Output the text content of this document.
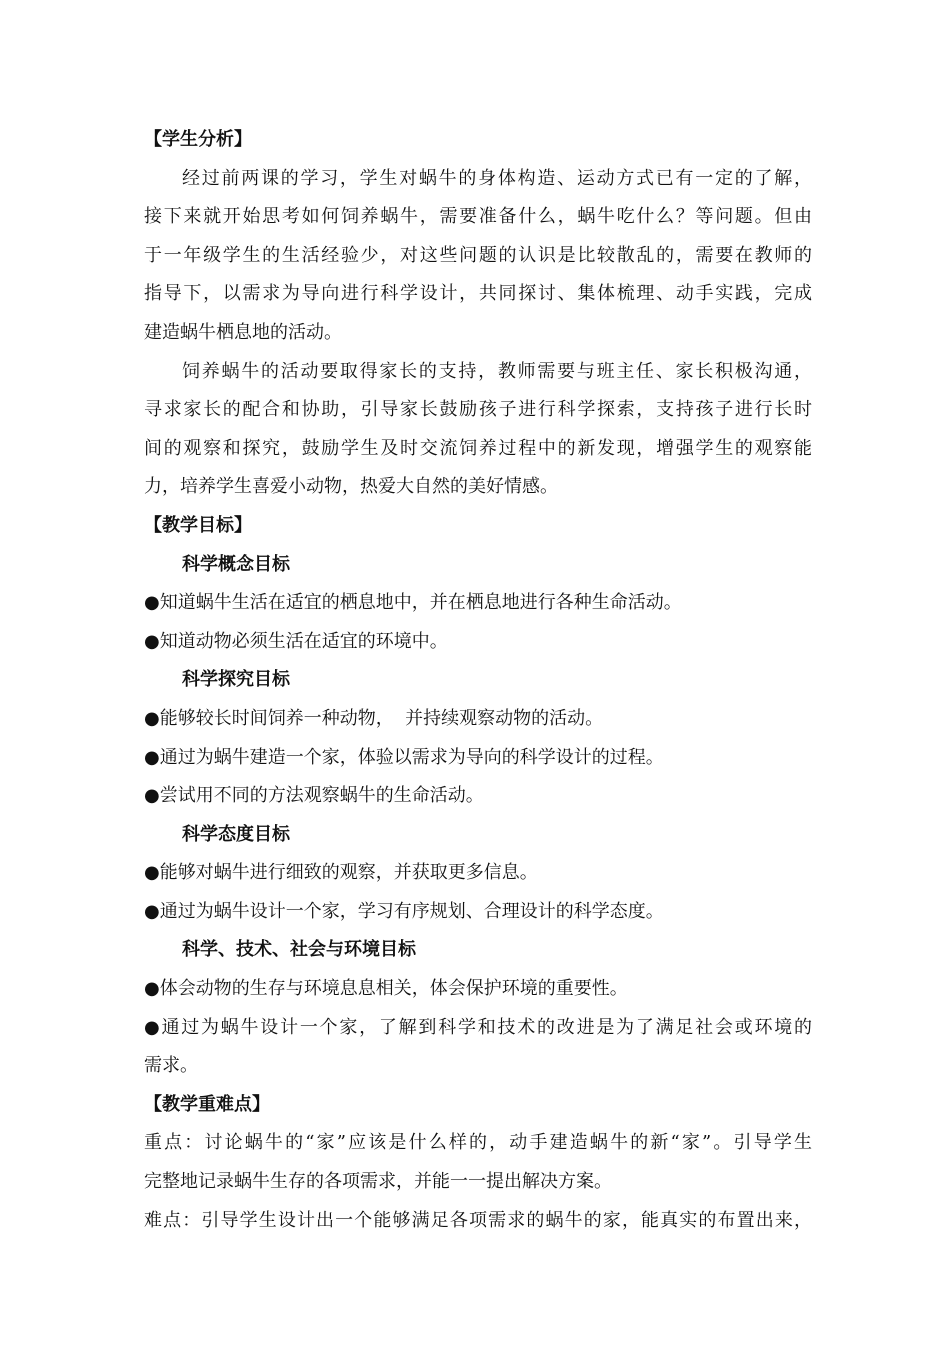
【学生分析】
经过前两课的学习，学生对蜗牛的身体构造、运动方式已有一定的了解，
接下来就开始思考如何饲养蜗牛，需要准备什么，蜗牛吃什么？等问题。但由
于一年级学生的生活经验少，对这些问题的认识是比较散乱的，需要在教师的
指导下，以需求为导向进行科学设计，共同探讨、集体梳理、动手实践，完成
建造蜗牛栖息地的活动。
饲养蜗牛的活动要取得家长的支持，教师需要与班主任、家长积极沟通，
寻求家长的配合和协助，引导家长鼓励孩子进行科学探索，支持孩子进行长时
间的观察和探究，鼓励学生及时交流饲养过程中的新发现，增强学生的观察能
力，培养学生喜爱小动物，热爱大自然的美好情感。
【教学目标】
科学概念目标
●知道蜗牛生活在适宜的栖息地中，并在栖息地进行各种生命活动。
●知道动物必须生活在适宜的环境中。
科学探究目标
●能够较长时间饲养一种动物，  并持续观察动物的活动。
●通过为蜗牛建造一个家，体验以需求为导向的科学设计的过程。
●尝试用不同的方法观察蜗牛的生命活动。
科学态度目标
●能够对蜗牛进行细致的观察，并获取更多信息。
●通过为蜗牛设计一个家，学习有序规划、合理设计的科学态度。
科学、技术、社会与环境目标
●体会动物的生存与环境息息相关，体会保护环境的重要性。
●通过为蜗牛设计一个家，了解到科学和技术的改进是为了满足社会或环境的
需求。
【教学重难点】
重点：讨论蜗牛的“家”应该是什么样的，动手建造蜗牛的新“家”。引导学生
完整地记录蜗牛生存的各项需求，并能一一提出解决方案。
难点：引导学生设计出一个能够满足各项需求的蜗牛的家，能真实的布置出来，
